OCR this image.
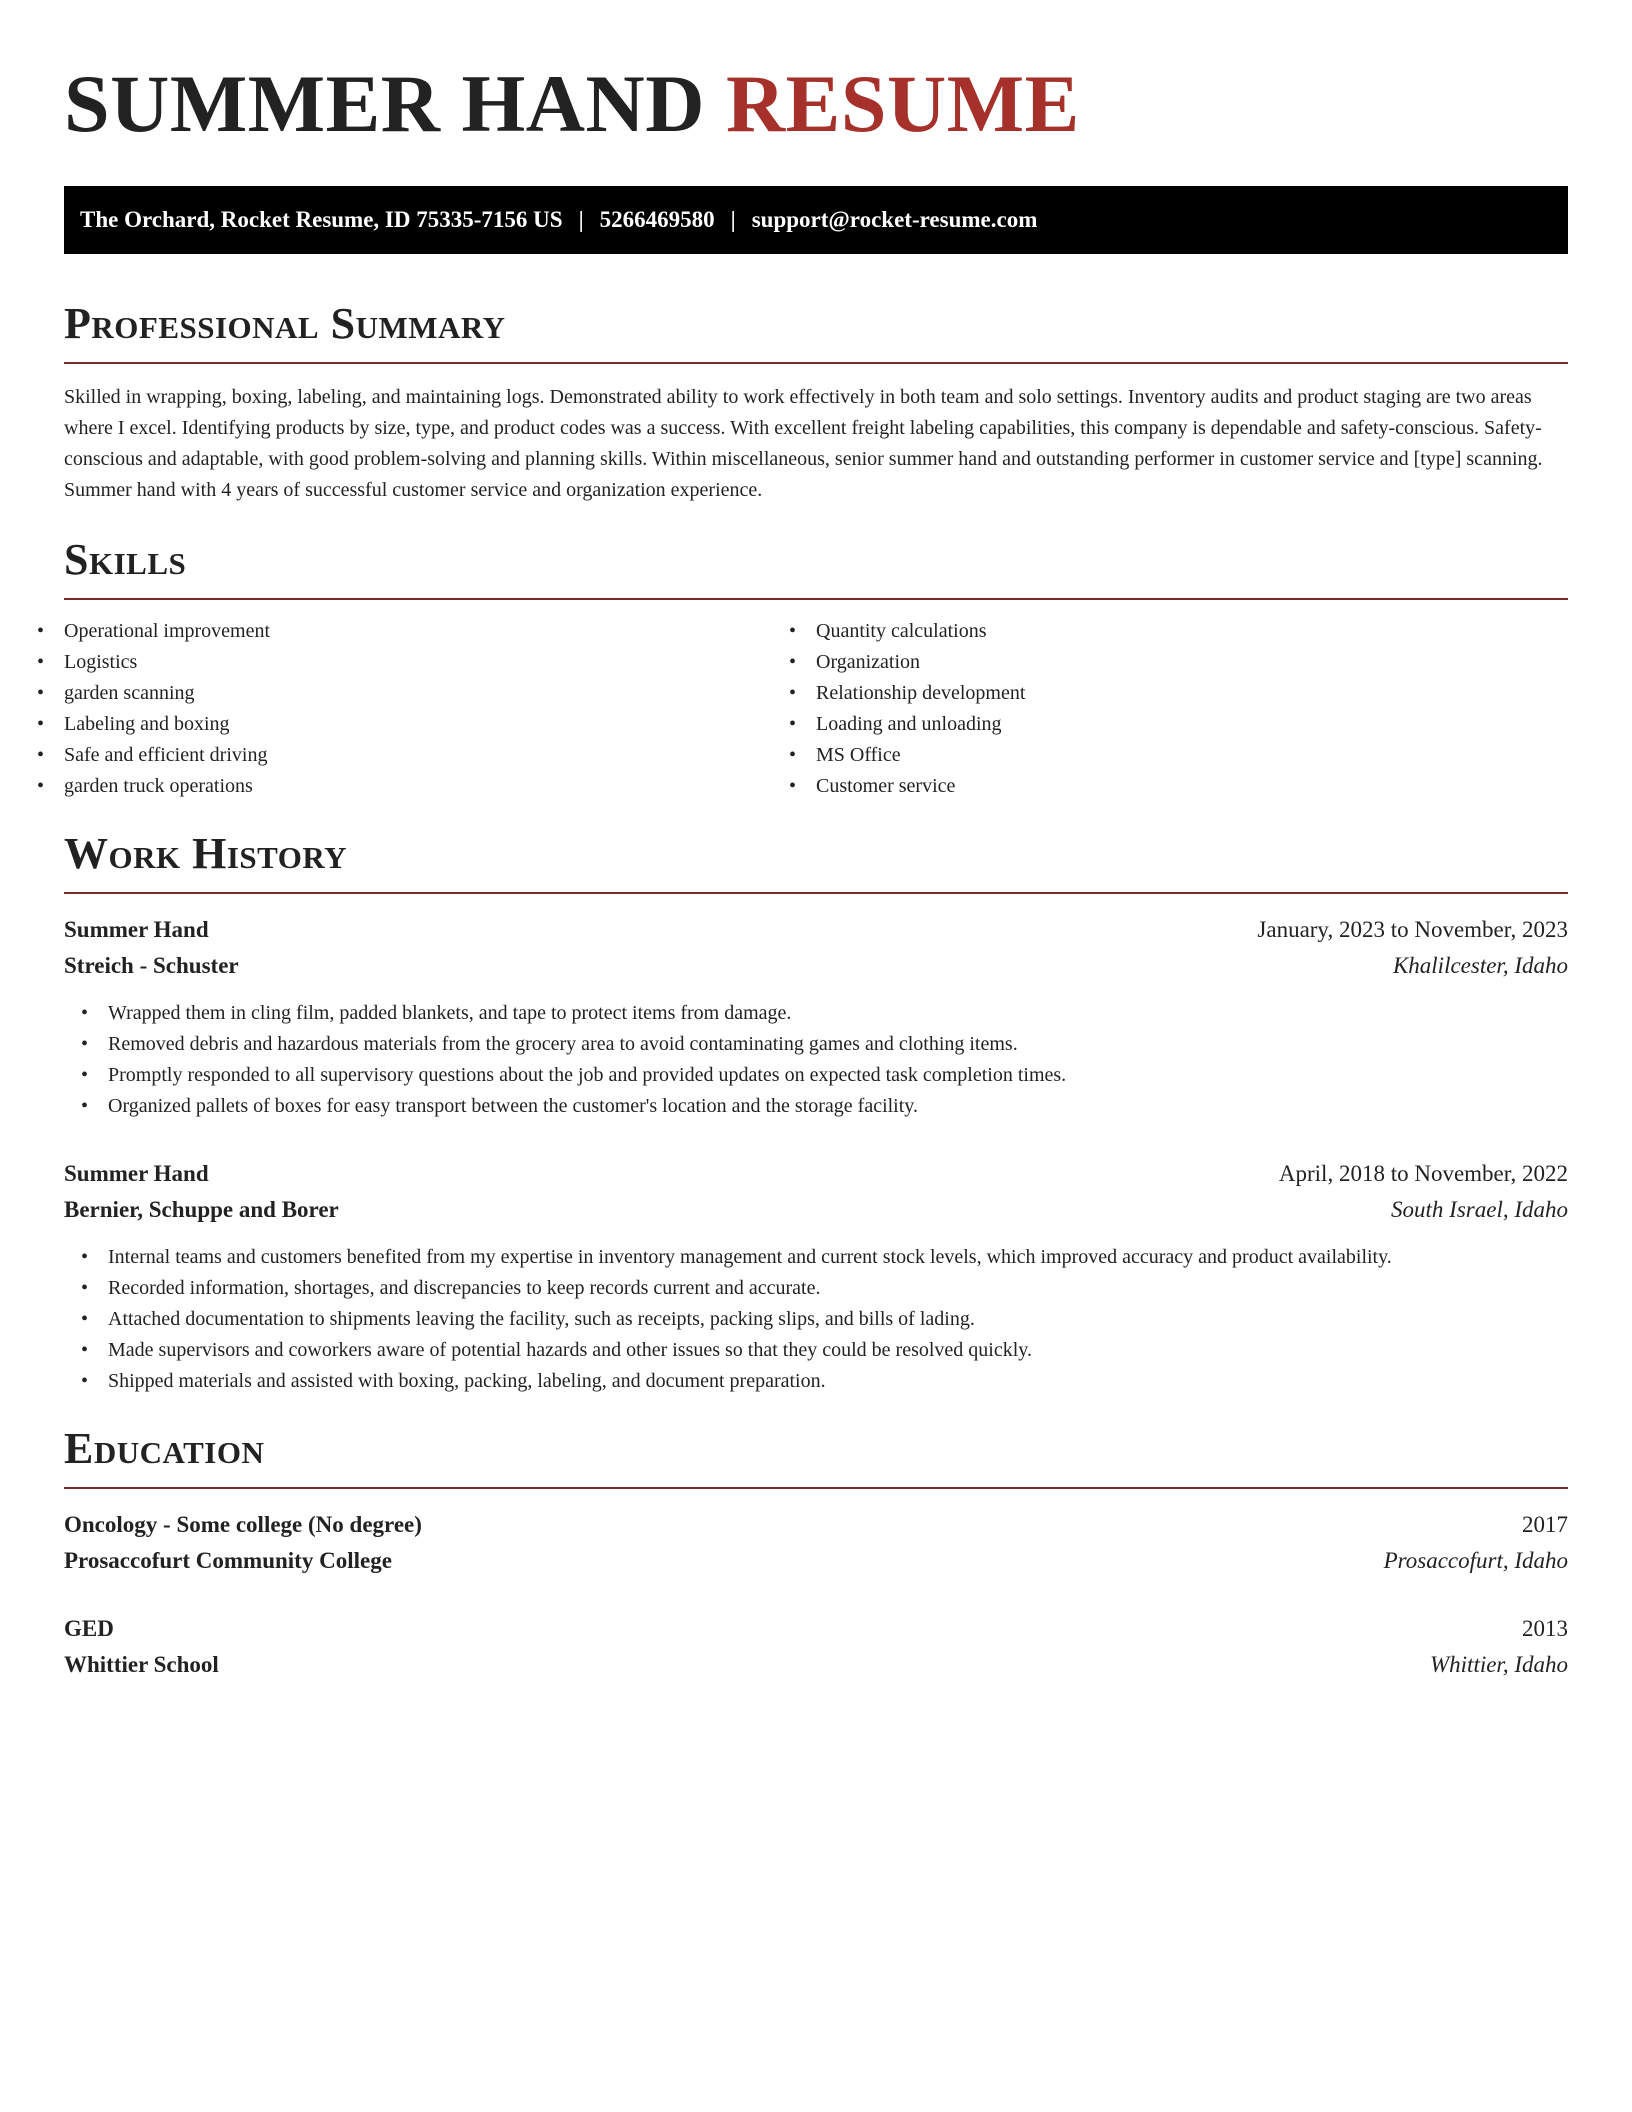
SUMMER HAND RESUME
The Orchard, Rocket Resume, ID 75335-7156 US | 5266469580 | support@rocket-resume.com
Professional Summary

Skilled in wrapping, boxing, labeling, and maintaining logs. Demonstrated ability to work effectively in both team and solo settings. Inventory audits and product staging are two areas where I excel. Identifying products by size, type, and product codes was a success. With excellent freight labeling capabilities, this company is dependable and safety-conscious. Safety-conscious and adaptable, with good problem-solving and planning skills. Within miscellaneous, senior summer hand and outstanding performer in customer service and [type] scanning. Summer hand with 4 years of successful customer service and organization experience.

Skills
• Operational improvement
• Logistics
• garden scanning
• Labeling and boxing
• Safe and efficient driving
• garden truck operations
• Quantity calculations
• Organization
• Relationship development
• Loading and unloading
• MS Office
• Customer service
Work History
Summer Hand	January, 2023 to November, 2023
Streich - Schuster	Khalilcester, Idaho
• Wrapped them in cling film, padded blankets, and tape to protect items from damage.
• Removed debris and hazardous materials from the grocery area to avoid contaminating games and clothing items.
• Promptly responded to all supervisory questions about the job and provided updates on expected task completion times.
• Organized pallets of boxes for easy transport between the customer's location and the storage facility.
Summer Hand	April, 2018 to November, 2022
Bernier, Schuppe and Borer	South Israel, Idaho
• Internal teams and customers benefited from my expertise in inventory management and current stock levels, which improved accuracy and product availability.
• Recorded information, shortages, and discrepancies to keep records current and accurate.
• Attached documentation to shipments leaving the facility, such as receipts, packing slips, and bills of lading.
• Made supervisors and coworkers aware of potential hazards and other issues so that they could be resolved quickly.
• Shipped materials and assisted with boxing, packing, labeling, and document preparation.
Education
Oncology - Some college (No degree)	2017
Prosaccofurt Community College	Prosaccofurt, Idaho
GED	2013
Whittier School	Whittier, Idaho
